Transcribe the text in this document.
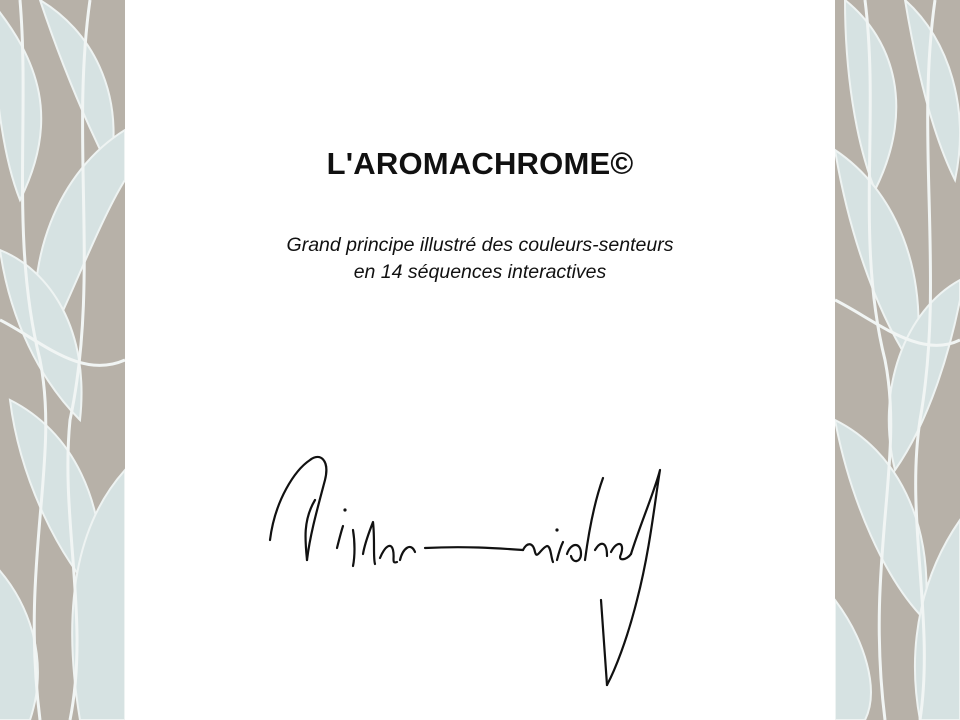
L'AROMACHROME©

Grand principe illustré des couleurs-senteurs
en 14 séquences interactives
